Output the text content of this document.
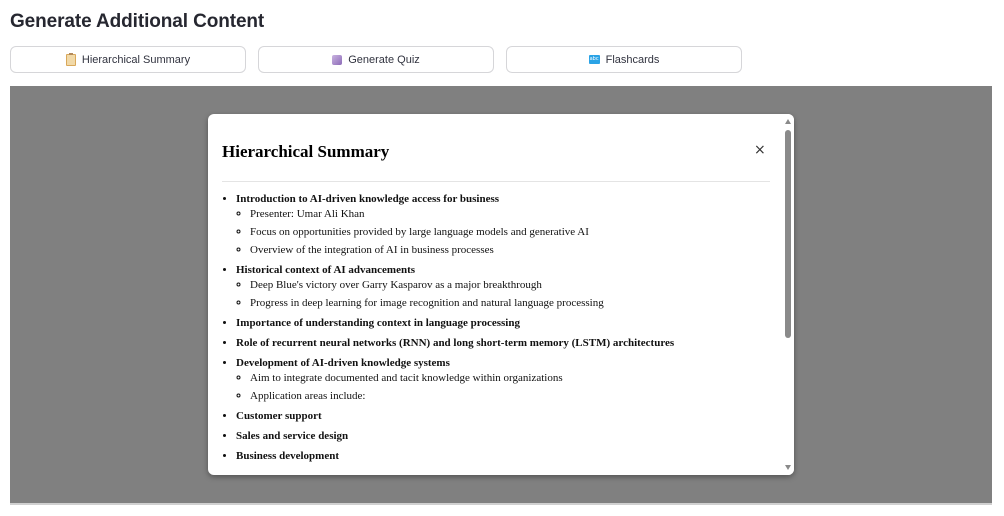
Generate Additional Content
Hierarchical Summary	Generate Quiz	abc Flashcards
Hierarchical Summary	×
• Introduction to AI-driven knowledge access for business
◦ Presenter: Umar Ali Khan
◦ Focus on opportunities provided by large language models and generative AI
◦ Overview of the integration of AI in business processes
• Historical context of AI advancements
◦ Deep Blue's victory over Garry Kasparov as a major breakthrough
◦ Progress in deep learning for image recognition and natural language processing
• Importance of understanding context in language processing
• Role of recurrent neural networks (RNN) and long short-term memory (LSTM) architectures
• Development of AI-driven knowledge systems
◦ Aim to integrate documented and tacit knowledge within organizations
◦ Application areas include:
• Customer support
• Sales and service design
• Business development
